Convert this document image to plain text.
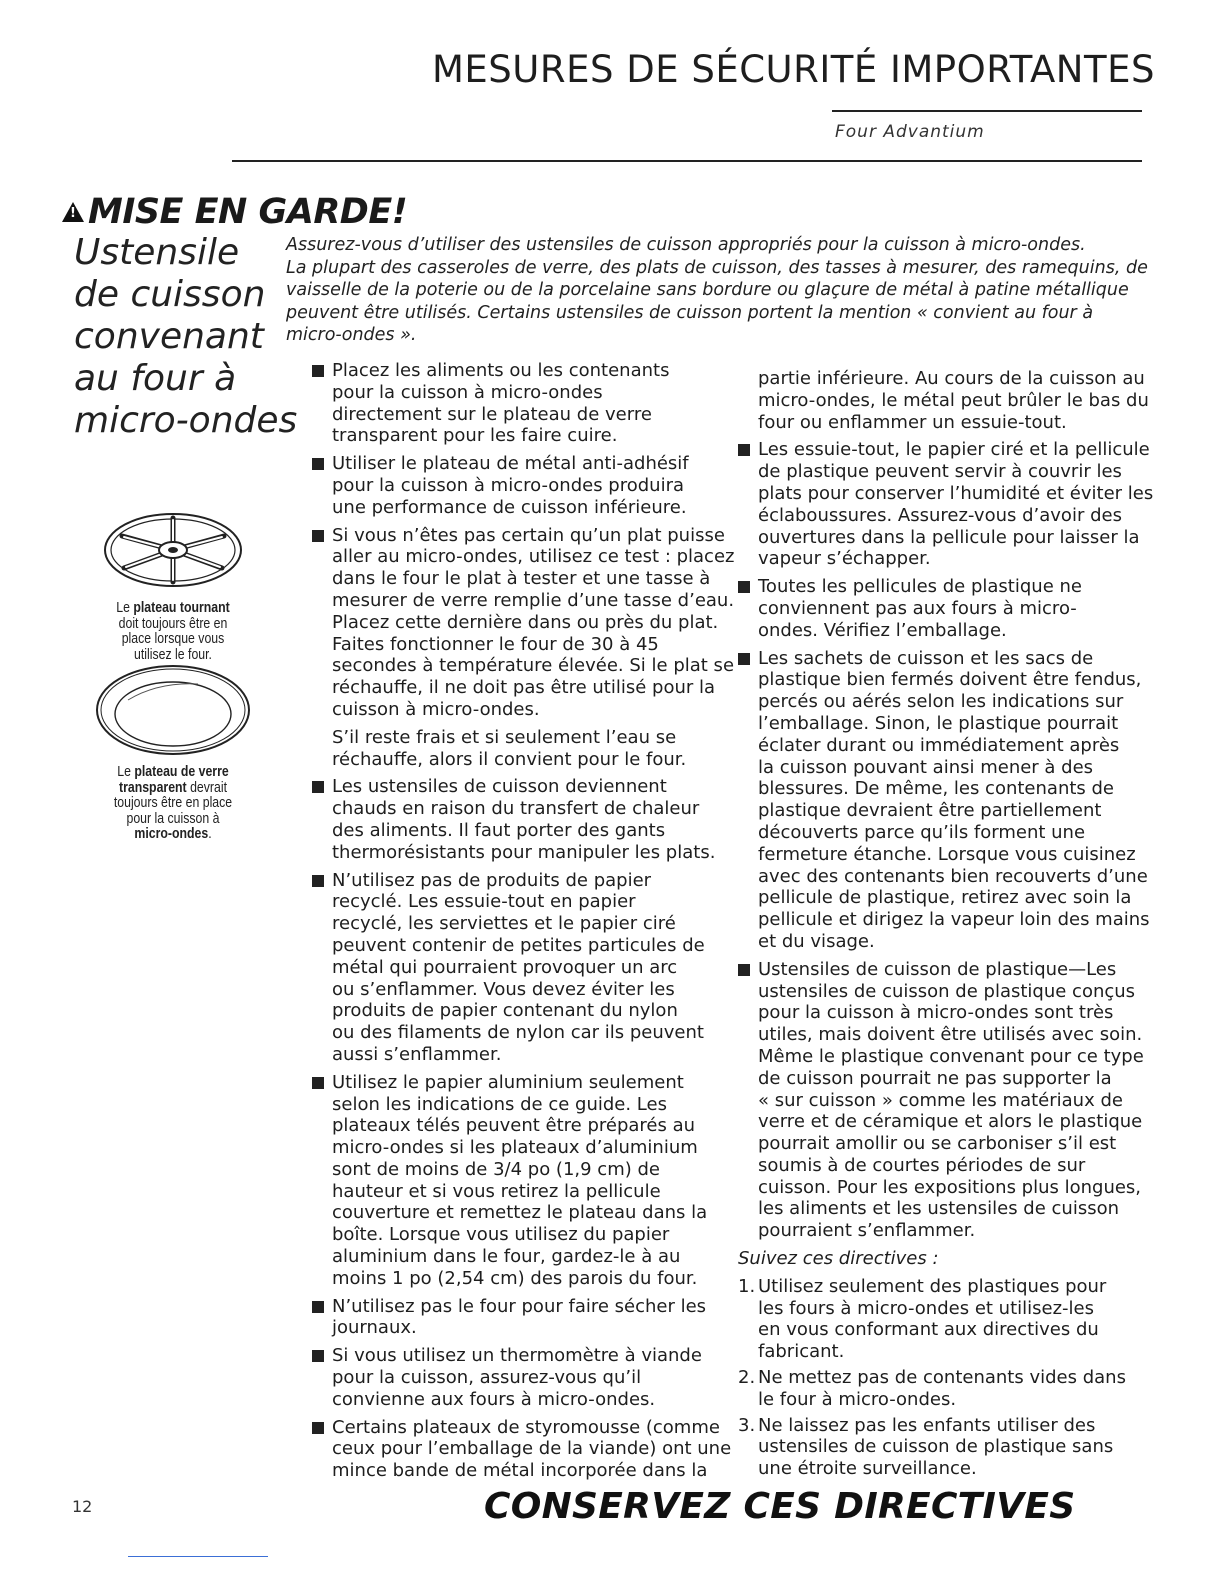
MESURES DE SÉCURITÉ IMPORTANTES
Four Advantium
!MISE EN GARDE!
Ustensile
de cuisson
convenant
au four à
micro-ondes
Assurez-vous d’utiliser des ustensiles de cuisson appropriés pour la cuisson à micro-ondes.
La plupart des casseroles de verre, des plats de cuisson, des tasses à mesurer, des ramequins, de
vaisselle de la poterie ou de la porcelaine sans bordure ou glaçure de métal à patine métallique
peuvent être utilisés. Certains ustensiles de cuisson portent la mention « convient au four à
micro-ondes ».
Le plateau tournant
doit toujours être en
place lorsque vous
utilisez le four.
Le plateau de verre
transparent devrait
toujours être en place
pour la cuisson à
micro-ondes.
Placez les aliments ou les contenants
pour la cuisson à micro-ondes
directement sur le plateau de verre
transparent pour les faire cuire.
Utiliser le plateau de métal anti-adhésif
pour la cuisson à micro-ondes produira
une performance de cuisson inférieure.
Si vous n’êtes pas certain qu’un plat puisse
aller au micro-ondes, utilisez ce test : placez
dans le four le plat à tester et une tasse à
mesurer de verre remplie d’une tasse d’eau.
Placez cette dernière dans ou près du plat.
Faites fonctionner le four de 30 à 45
secondes à température élevée. Si le plat se
réchauffe, il ne doit pas être utilisé pour la
cuisson à micro-ondes.
S’il reste frais et si seulement l’eau se
réchauffe, alors il convient pour le four.
Les ustensiles de cuisson deviennent
chauds en raison du transfert de chaleur
des aliments. Il faut porter des gants
thermorésistants pour manipuler les plats.
N’utilisez pas de produits de papier
recyclé. Les essuie-tout en papier
recyclé, les serviettes et le papier ciré
peuvent contenir de petites particules de
métal qui pourraient provoquer un arc
ou s’enflammer. Vous devez éviter les
produits de papier contenant du nylon
ou des filaments de nylon car ils peuvent
aussi s’enflammer.
Utilisez le papier aluminium seulement
selon les indications de ce guide. Les
plateaux télés peuvent être préparés au
micro-ondes si les plateaux d’aluminium
sont de moins de 3/4 po (1,9 cm) de
hauteur et si vous retirez la pellicule
couverture et remettez le plateau dans la
boîte. Lorsque vous utilisez du papier
aluminium dans le four, gardez-le à au
moins 1 po (2,54 cm) des parois du four.
N’utilisez pas le four pour faire sécher les
journaux.
Si vous utilisez un thermomètre à viande
pour la cuisson, assurez-vous qu’il
convienne aux fours à micro-ondes.
Certains plateaux de styromousse (comme
ceux pour l’emballage de la viande) ont une
mince bande de métal incorporée dans la
partie inférieure. Au cours de la cuisson au
micro-ondes, le métal peut brûler le bas du
four ou enflammer un essuie-tout.
Les essuie-tout, le papier ciré et la pellicule
de plastique peuvent servir à couvrir les
plats pour conserver l’humidité et éviter les
éclaboussures. Assurez-vous d’avoir des
ouvertures dans la pellicule pour laisser la
vapeur s’échapper.
Toutes les pellicules de plastique ne
conviennent pas aux fours à micro-
ondes. Vérifiez l’emballage.
Les sachets de cuisson et les sacs de
plastique bien fermés doivent être fendus,
percés ou aérés selon les indications sur
l’emballage. Sinon, le plastique pourrait
éclater durant ou immédiatement après
la cuisson pouvant ainsi mener à des
blessures. De même, les contenants de
plastique devraient être partiellement
découverts parce qu’ils forment une
fermeture étanche. Lorsque vous cuisinez
avec des contenants bien recouverts d’une
pellicule de plastique, retirez avec soin la
pellicule et dirigez la vapeur loin des mains
et du visage.
Ustensiles de cuisson de plastique—Les
ustensiles de cuisson de plastique conçus
pour la cuisson à micro-ondes sont très
utiles, mais doivent être utilisés avec soin.
Même le plastique convenant pour ce type
de cuisson pourrait ne pas supporter la
« sur cuisson » comme les matériaux de
verre et de céramique et alors le plastique
pourrait amollir ou se carboniser s’il est
soumis à de courtes périodes de sur
cuisson. Pour les expositions plus longues,
les aliments et les ustensiles de cuisson
pourraient s’enflammer.
Suivez ces directives :
1. Utilisez seulement des plastiques pour
les fours à micro-ondes et utilisez-les
en vous conformant aux directives du
fabricant.
2. Ne mettez pas de contenants vides dans
le four à micro-ondes.
3. Ne laissez pas les enfants utiliser des
ustensiles de cuisson de plastique sans
une étroite surveillance.
12	CONSERVEZ CES DIRECTIVES
